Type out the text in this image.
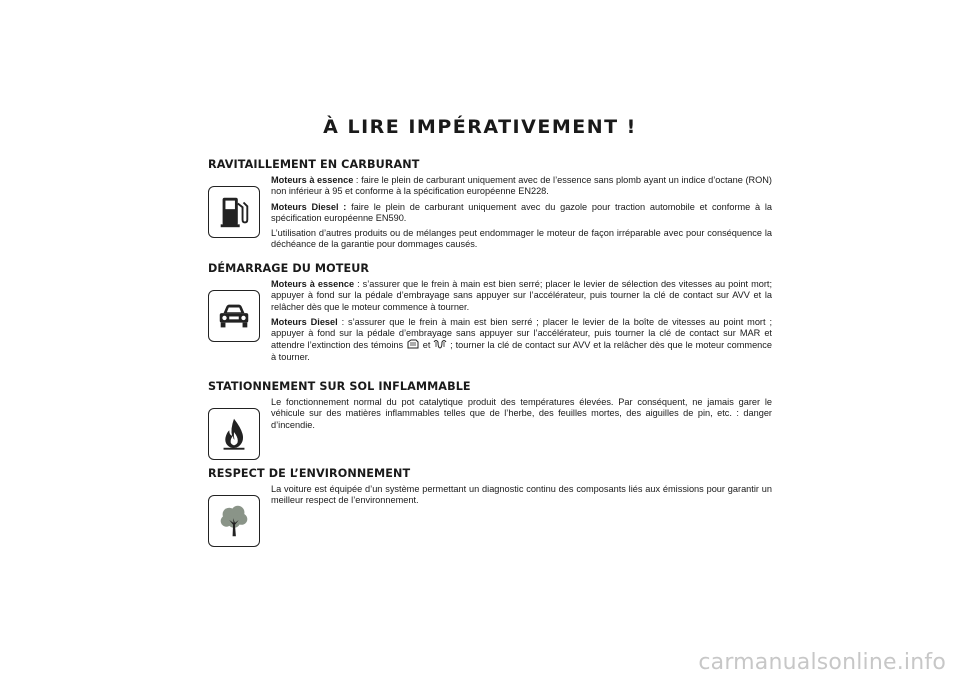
À LIRE IMPÉRATIVEMENT !
RAVITAILLEMENT EN CARBURANT

Moteurs à essence : faire le plein de carburant uniquement avec de l’essence sans plomb ayant un indice d’octane (RON) non inférieur à 95 et conforme à la spécification européenne EN228.

Moteurs Diesel : faire le plein de carburant uniquement avec du gazole pour traction automobile et conforme à la spécification européenne EN590.

L’utilisation d’autres produits ou de mélanges peut endommager le moteur de façon irréparable avec pour conséquence la déchéance de la garantie pour dommages causés.

DÉMARRAGE DU MOTEUR

Moteurs à essence : s’assurer que le frein à main est bien serré; placer le levier de sélection des vitesses au point mort; appuyer à fond sur la pédale d’embrayage sans appuyer sur l’accélérateur, puis tourner la clé de contact sur AVV et la relâcher dès que le moteur commence à tourner.

Moteurs Diesel : s’assurer que le frein à main est bien serré ; placer le levier de la boîte de vitesses au point mort ; appuyer à fond sur la pédale d’embrayage sans appuyer sur l’accélérateur, puis tourner la clé de contact sur MAR et attendre l’extinction des témoins  et  ; tourner la clé de contact sur AVV et la relâcher dès que le moteur commence à tourner.

STATIONNEMENT SUR SOL INFLAMMABLE

Le fonctionnement normal du pot catalytique produit des températures élevées. Par conséquent, ne jamais garer le véhicule sur des matières inflammables telles que de l’herbe, des feuilles mortes, des aiguilles de pin, etc. : danger d’incendie.

RESPECT DE L’ENVIRONNEMENT

La voiture est équipée d’un système permettant un diagnostic continu des composants liés aux émissions pour garantir un meilleur respect de l’environnement.

carmanualsonline.info
